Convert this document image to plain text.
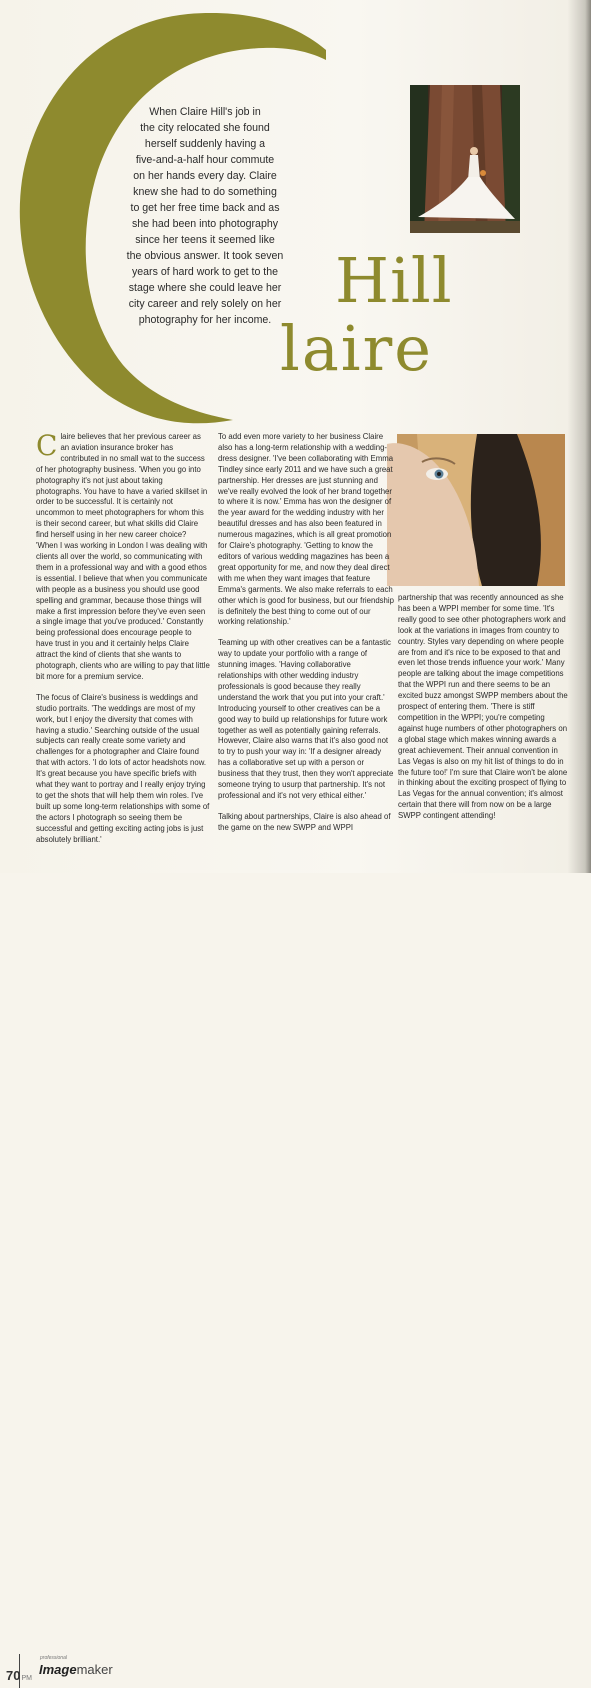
When Claire Hill's job in
the city relocated she found
herself suddenly having a
five-and-a-half hour commute
on her hands every day. Claire
knew she had to do something
to get her free time back and as
she had been into photography
since her teens it seemed like
the obvious answer. It took seven
years of hard work to get to the
stage where she could leave her
city career and rely solely on her
photography for her income.
Hill
laire

Claire believes that her previous career as an aviation insurance broker has contributed in no small wat to the success of her photography business. 'When you go into photography it's not just about taking photographs. You have to have a varied skillset in order to be successful. It is certainly not uncommon to meet photographers for whom this is their second career, but what skills did Claire find herself using in her new career choice? 'When I was working in London I was dealing with clients all over the world, so communicating with them in a professional way and with a good ethos is essential. I believe that when you communicate with people as a business you should use good spelling and grammar, because those things will make a first impression before they've even seen a single image that you've produced.' Constantly being professional does encourage people to have trust in you and it certainly helps Claire attract the kind of clients that she wants to photograph, clients who are willing to pay that little bit more for a premium service.

The focus of Claire's business is weddings and studio portraits. 'The weddings are most of my work, but I enjoy the diversity that comes with having a studio.' Searching outside of the usual subjects can really create some variety and challenges for a photographer and Claire found that with actors. 'I do lots of actor headshots now. It's great because you have specific briefs with what they want to portray and I really enjoy trying to get the shots that will help them win roles. I've built up some long-term relationships with some of the actors I photograph so seeing them be successful and getting exciting acting jobs is just absolutely brilliant.'

To add even more variety to her business Claire also has a long-term relationship with a wedding-dress designer. 'I've been collaborating with Emma Tindley since early 2011 and we have such a great partnership. Her dresses are just stunning and we've really evolved the look of her brand together to where it is now.' Emma has won the designer of the year award for the wedding industry with her beautiful dresses and has also been featured in numerous magazines, which is all great promotion for Claire's photography. 'Getting to know the editors of various wedding magazines has been a great opportunity for me, and now they deal direct with me when they want images that feature Emma's garments. We also make referrals to each other which is good for business, but our friendship is definitely the best thing to come out of our working relationship.'

Teaming up with other creatives can be a fantastic way to update your portfolio with a range of stunning images. 'Having collaborative relationships with other wedding industry professionals is good because they really understand the work that you put into your craft.' Introducing yourself to other creatives can be a good way to build up relationships for future work together as well as potentially gaining referrals. However, Claire also warns that it's also good not to try to push your way in: 'If a designer already has a collaborative set up with a person or business that they trust, then they won't appreciate someone trying to usurp that partnership. It's not professional and it's not very ethical either.'

Talking about partnerships, Claire is also ahead of the game on the new SWPP and WPPI

partnership that was recently announced as she has been a WPPI member for some time. 'It's really good to see other photographers work and look at the variations in images from country to country. Styles vary depending on where people are from and it's nice to be exposed to that and even let those trends influence your work.' Many people are talking about the image competitions that the WPPI run and there seems to be an excited buzz amongst SWPP members about the prospect of entering them. 'There is stiff competition in the WPPI; you're competing against huge numbers of other photographers on a global stage which makes winning awards a great achievement. Their annual convention in Las Vegas is also on my hit list of things to do in the future too!' I'm sure that Claire won't be alone in thinking about the exciting prospect of flying to Las Vegas for the annual convention; it's almost certain that there will from now on be a large SWPP contingent attending!

70PM
professional
Imagemaker
